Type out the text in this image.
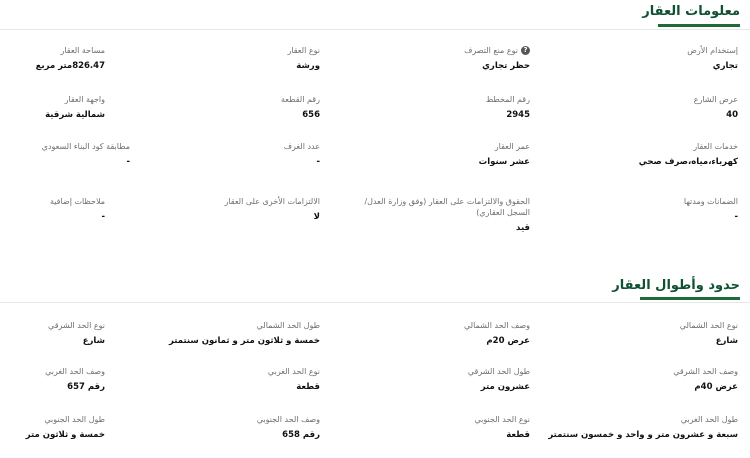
معلومات العقار
إستخدام الأرض
تجاري
?نوع منع التصرف
حظر تجاري
نوع العقار
ورشة
مساحة العقار
826.47متر مربع
عرض الشارع
40
رقم المخطط
2945
رقم القطعة
656
واجهة العقار
شمالية شرقية
خدمات العقار
كهرباء،مياه،صرف صحي
عمر العقار
عشر سنوات
عدد الغرف
-
مطابقة كود البناء السعودي
-
الضمانات ومدتها
-
الحقوق والالتزامات على العقار (وفق وزارة العدل/السجل العقاري)
قيد
الالتزامات الأخرى على العقار
لا
ملاحظات إضافية
-
حدود وأطوال العقار
نوع الحد الشمالي
شارع
وصف الحد الشمالي
عرض 20م
طول الحد الشمالي
خمسة و ثلاثون متر و ثمانون سنتمتر
نوع الحد الشرقي
شارع
وصف الحد الشرقي
عرض 40م
طول الحد الشرقي
عشرون متر
نوع الحد الغربي
قطعة
وصف الحد الغربي
رقم 657
طول الحد الغربي
سبعة و عشرون متر و واحد و خمسون سنتمتر
نوع الحد الجنوبي
قطعة
وصف الحد الجنوبي
رقم 658
طول الحد الجنوبي
خمسة و ثلاثون متر
